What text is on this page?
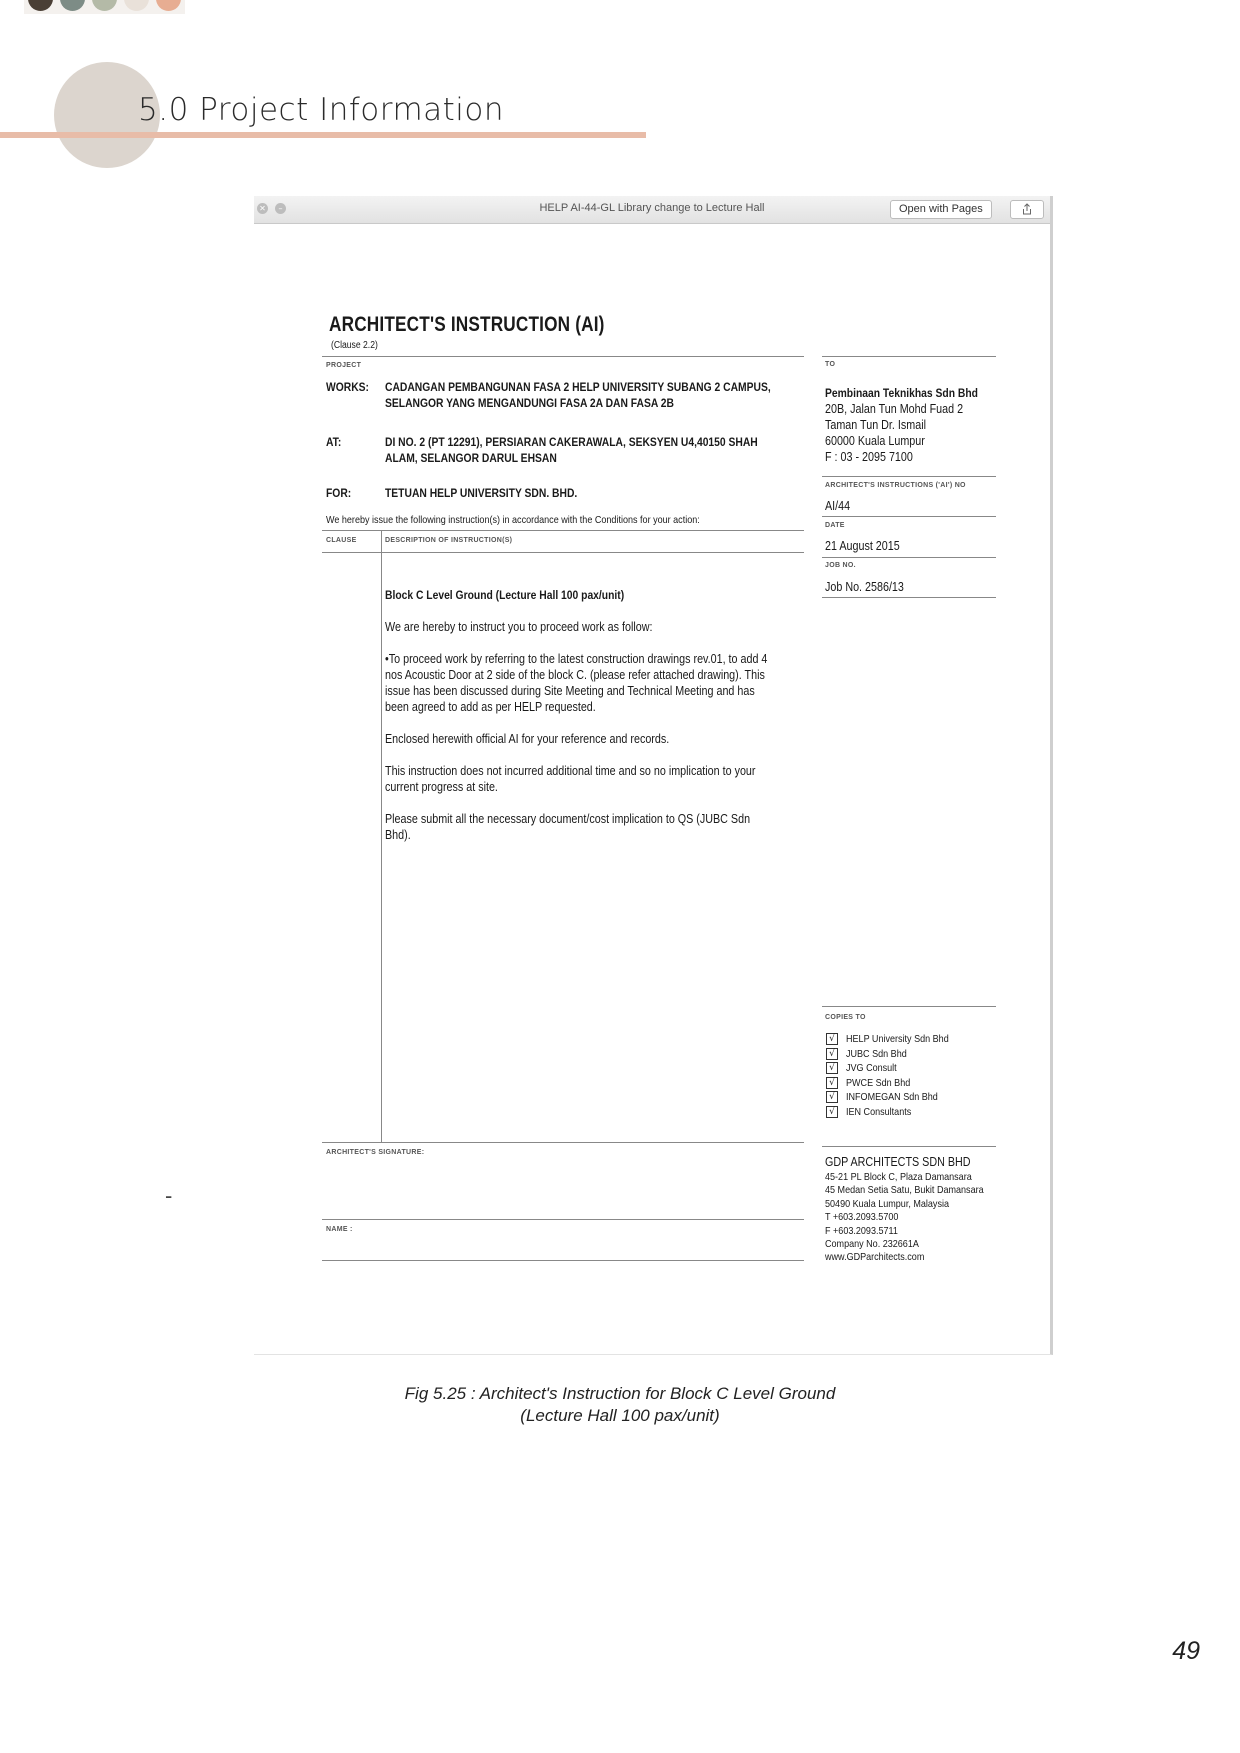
5.0 Project Information
-
ARCHITECT'S INSTRUCTION (AI)
(Clause 2.2)
PROJECT
WORKS: CADANGAN PEMBANGUNAN FASA 2 HELP UNIVERSITY SUBANG 2 CAMPUS,
SELANGOR YANG MENGANDUNGI FASA 2A DAN FASA 2B
AT:	DI NO. 2 (PT 12291), PERSIARAN CAKERAWALA, SEKSYEN U4,40150 SHAH
ALAM, SELANGOR DARUL EHSAN
FOR:	TETUAN HELP UNIVERSITY SDN. BHD.
We hereby issue the following instruction(s) in accordance with the Conditions for your action:
CLAUSE	DESCRIPTION OF INSTRUCTION(S)
Block C Level Ground (Lecture Hall 100 pax/unit)
We are hereby to instruct you to proceed work as follow:
•To proceed work by referring to the latest construction drawings rev.01, to add 4
nos Acoustic Door at 2 side of the block C. (please refer attached drawing). This
issue has been discussed during Site Meeting and Technical Meeting and has
been agreed to add as per HELP requested.
Enclosed herewith official AI for your reference and records.
This instruction does not incurred additional time and so no implication to your
current progress at site.
Please submit all the necessary document/cost implication to QS (JUBC Sdn
Bhd).
ARCHITECT'S SIGNATURE:
NAME :
TO
Pembinaan Teknikhas Sdn Bhd
20B, Jalan Tun Mohd Fuad 2
Taman Tun Dr. Ismail
60000 Kuala Lumpur
F : 03 - 2095 7100
ARCHITECT'S INSTRUCTIONS ('AI') NO
AI/44
DATE
21 August 2015
JOB NO.
Job No. 2586/13
COPIES TO
√ HELP University Sdn Bhd
√ JUBC Sdn Bhd
√ JVG Consult
√ PWCE Sdn Bhd
√ INFOMEGAN Sdn Bhd
√ IEN Consultants
GDP ARCHITECTS SDN BHD
45-21 PL Block C, Plaza Damansara
45 Medan Setia Satu, Bukit Damansara
50490 Kuala Lumpur, Malaysia
T +603.2093.5700
F +603.2093.5711
Company No. 232661A
www.GDParchitects.com
✕	–	HELP AI-44-GL Library change to Lecture Hall	Open with Pages
Fig 5.25 : Architect's Instruction for Block C Level Ground
(Lecture Hall 100 pax/unit)
49
